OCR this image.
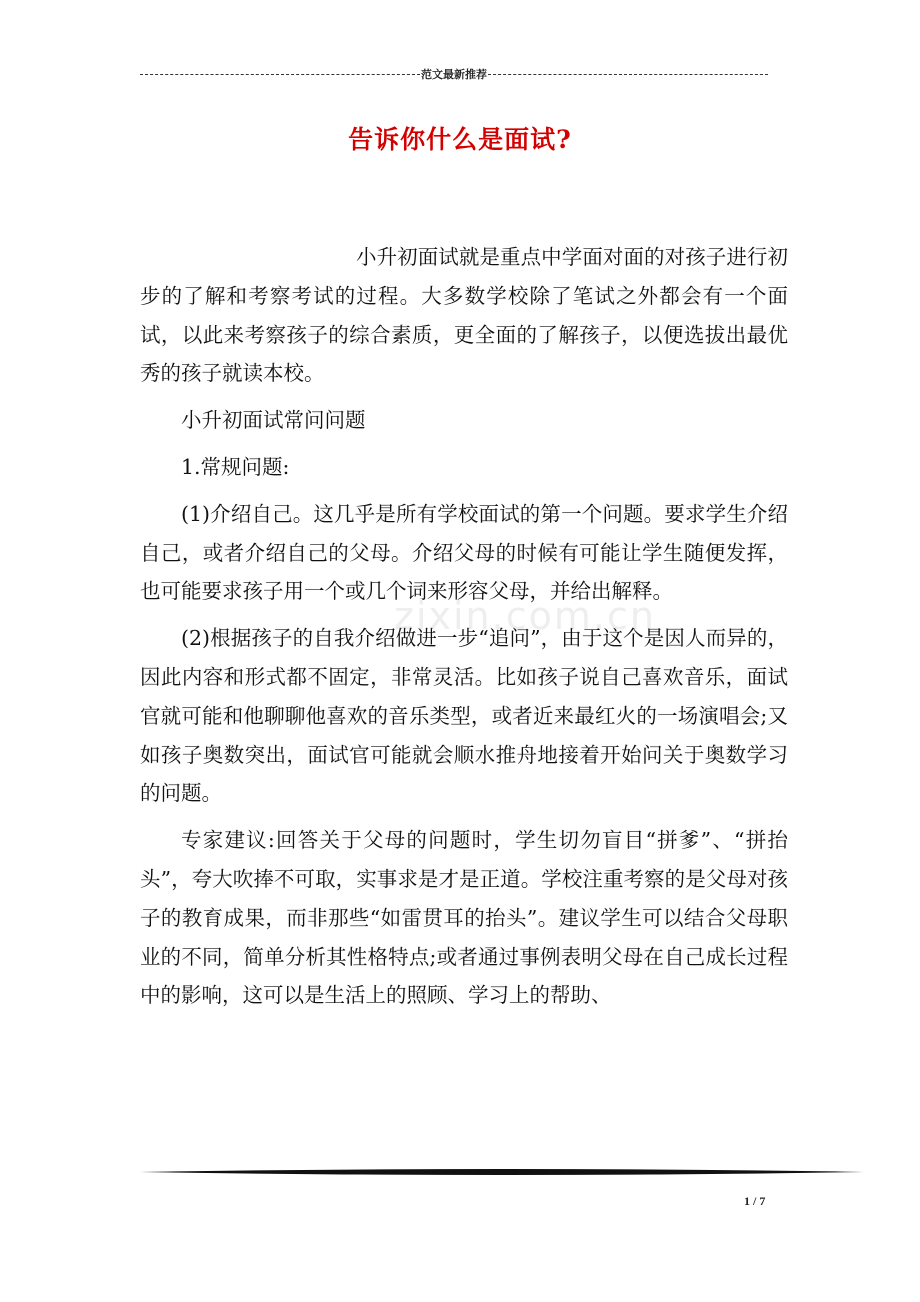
范文最新推荐
告诉你什么是面试?

小升初面试就是重点中学面对面的对孩子进行初步的了解和考察考试的过程。大多数学校除了笔试之外都会有一个面试，以此来考察孩子的综合素质，更全面的了解孩子，以便选拔出最优秀的孩子就读本校。

小升初面试常问问题

1.常规问题:

(1)介绍自己。这几乎是所有学校面试的第一个问题。要求学生介绍自己，或者介绍自己的父母。介绍父母的时候有可能让学生随便发挥，也可能要求孩子用一个或几个词来形容父母，并给出解释。

(2)根据孩子的自我介绍做进一步“追问”，由于这个是因人而异的，因此内容和形式都不固定，非常灵活。比如孩子说自己喜欢音乐，面试官就可能和他聊聊他喜欢的音乐类型，或者近来最红火的一场演唱会;又如孩子奥数突出，面试官可能就会顺水推舟地接着开始问关于奥数学习的问题。

专家建议:回答关于父母的问题时，学生切勿盲目“拼爹”、“拼抬头”，夸大吹捧不可取，实事求是才是正道。学校注重考察的是父母对孩子的教育成果，而非那些“如雷贯耳的抬头”。建议学生可以结合父母职业的不同，简单分析其性格特点;或者通过事例表明父母在自己成长过程中的影响，这可以是生活上的照顾、学习上的帮助、

zixin.com.cn
1 / 7
